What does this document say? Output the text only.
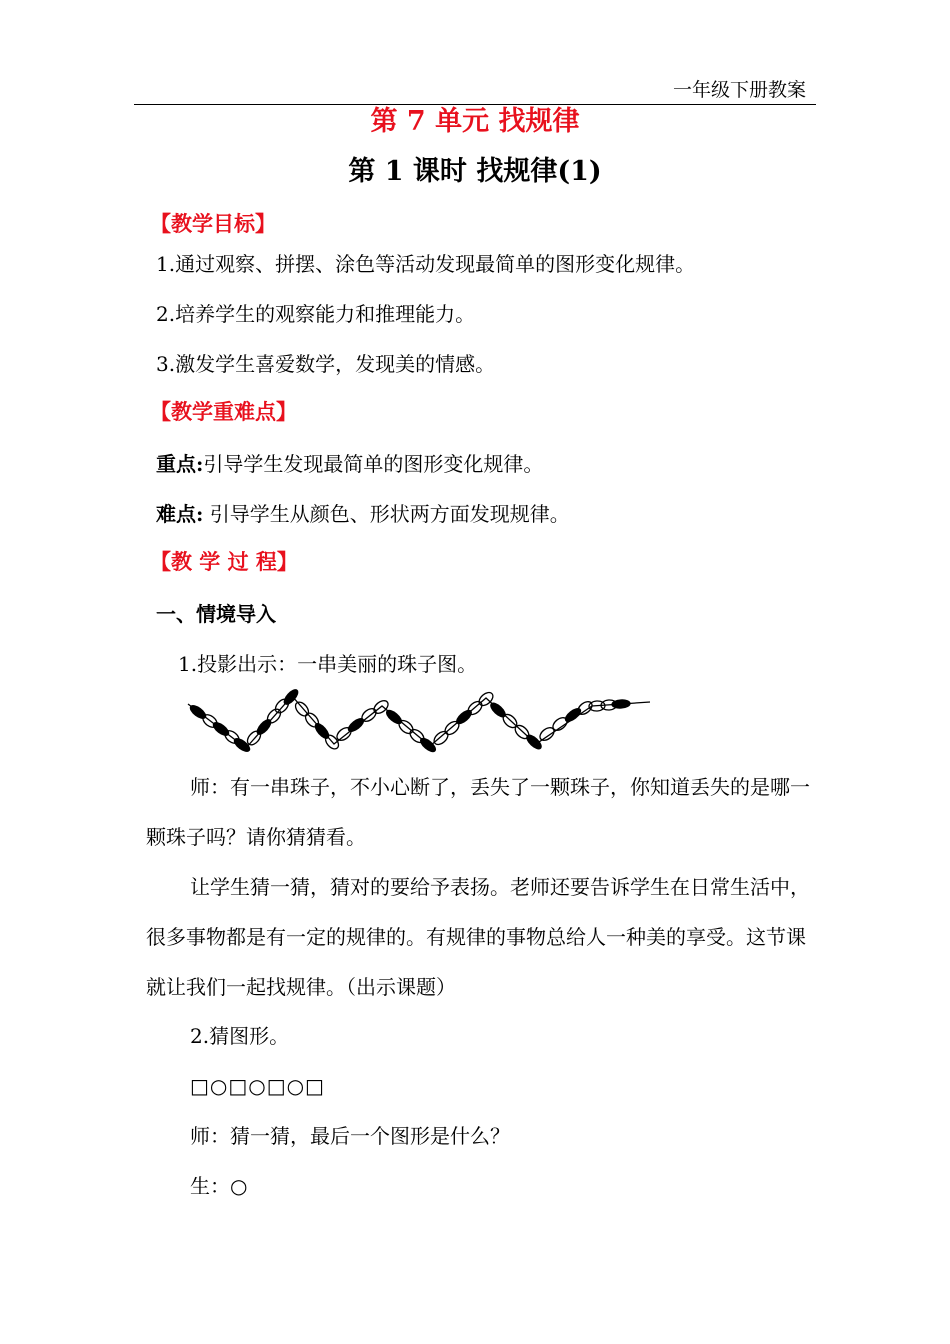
一年级下册教案
第 7 单元 找规律
第 1 课时 找规律(1)
【教学目标】
1.通过观察、拼摆、涂色等活动发现最简单的图形变化规律。
2.培养学生的观察能力和推理能力。
3.激发学生喜爱数学，发现美的情感。
【教学重难点】
重点:引导学生发现最简单的图形变化规律。
难点: 引导学生从颜色、形状两方面发现规律。
【教 学 过 程】
一、情境导入
1.投影出示：一串美丽的珠子图。
师：有一串珠子，不小心断了，丢失了一颗珠子，你知道丢失的是哪一颗珠子吗？请你猜猜看。
让学生猜一猜，猜对的要给予表扬。老师还要告诉学生在日常生活中，很多事物都是有一定的规律的。有规律的事物总给人一种美的享受。这节课就让我们一起找规律。（出示课题）
2.猜图形。
□○□○□○□
师：猜一猜，最后一个图形是什么？
生：○
